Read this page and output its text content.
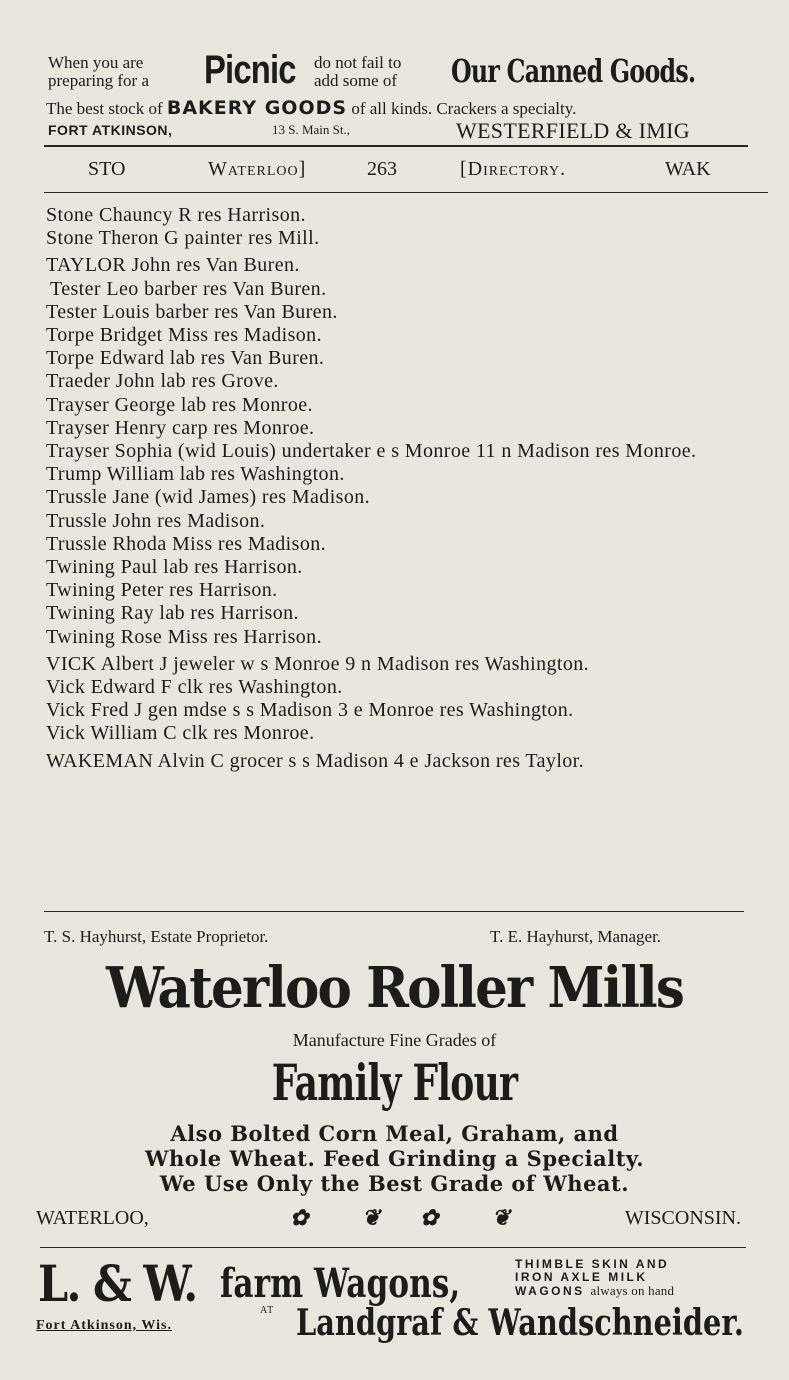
When you are
preparing for a Picnic do not fail to
add some of Our Canned Goods.
The best stock of BAKERY GOODS of all kinds. Crackers a specialty.
FORT ATKINSON,	13 S. Main St.,	WESTERFIELD & IMIG
STO	Waterloo]	263	[Directory.	WAK

Stone Chauncy R res Harrison.

Stone Theron G painter res Mill.

TAYLOR John res Van Buren.

Tester Leo barber res Van Buren.

Tester Louis barber res Van Buren.

Torpe Bridget Miss res Madison.

Torpe Edward lab res Van Buren.

Traeder John lab res Grove.

Trayser George lab res Monroe.

Trayser Henry carp res Monroe.

Trayser Sophia (wid Louis) undertaker e s Monroe 11 n Madison res Monroe.

Trump William lab res Washington.

Trussle Jane (wid James) res Madison.

Trussle John res Madison.

Trussle Rhoda Miss res Madison.

Twining Paul lab res Harrison.

Twining Peter res Harrison.

Twining Ray lab res Harrison.

Twining Rose Miss res Harrison.

VICK Albert J jeweler w s Monroe 9 n Madison res Washington.

Vick Edward F clk res Washington.

Vick Fred J gen mdse s s Madison 3 e Monroe res Washington.

Vick William C clk res Monroe.

WAKEMAN Alvin C grocer s s Madison 4 e Jackson res Taylor.

T. S. Hayhurst, Estate Proprietor.	T. E. Hayhurst, Manager.
Waterloo Roller Mills
Manufacture Fine Grades of
Family Flour
Also Bolted Corn Meal, Graham, and
Whole Wheat. Feed Grinding a Specialty.
We Use Only the Best Grade of Wheat.
WATERLOO,	✿ ❦ ✿ ❦	WISCONSIN.
L. & W. farm Wagons,	THIMBLE SKIN AND
IRON AXLE MILK
WAGONS always on hand
Fort Atkinson, Wis.
AT Landgraf & Wandschneider.
